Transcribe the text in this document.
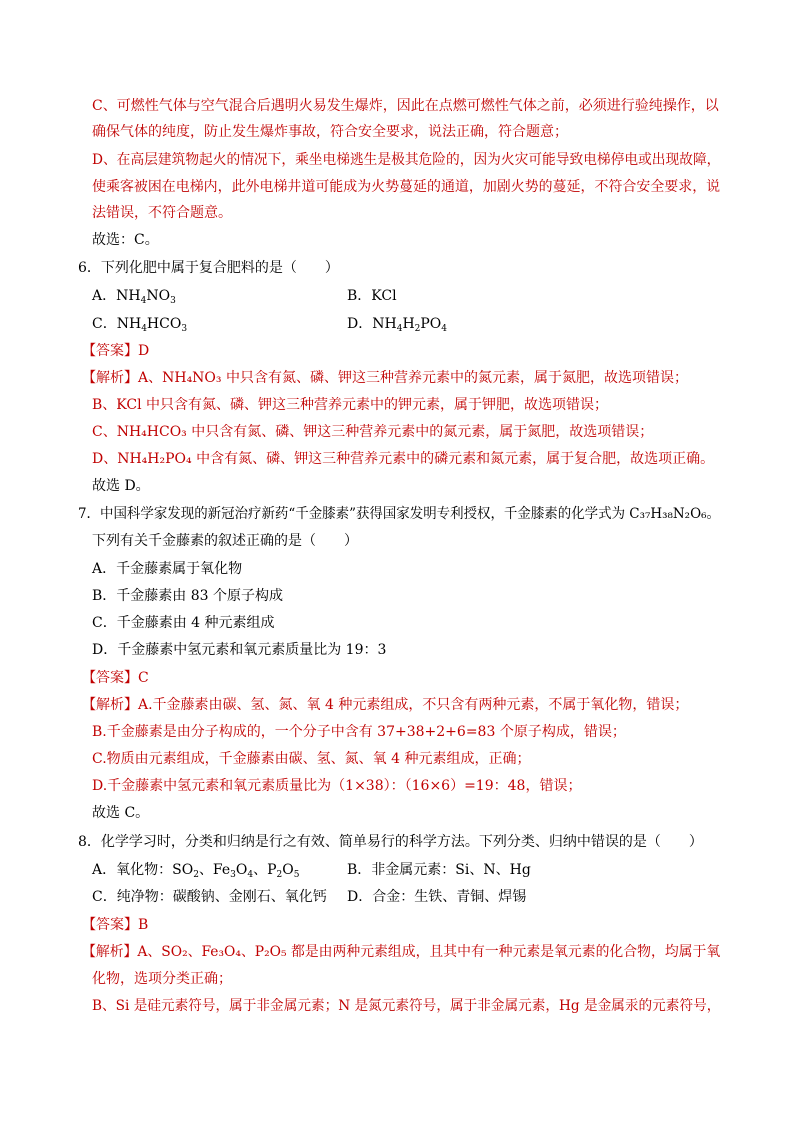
C、可燃性气体与空气混合后遇明火易发生爆炸，因此在点燃可燃性气体之前，必须进行验纯操作，以
确保气体的纯度，防止发生爆炸事故，符合安全要求，说法正确，符合题意；
D、在高层建筑物起火的情况下，乘坐电梯逃生是极其危险的，因为火灾可能导致电梯停电或出现故障，
使乘客被困在电梯内，此外电梯井道可能成为火势蔓延的通道，加剧火势的蔓延，不符合安全要求，说
法错误，不符合题意。
故选：C。
6．下列化肥中属于复合肥料的是（　　）
A．$NH_4NO_3$	B．KCl
C．$NH_4HCO_3$	D．$NH_4H_2PO_4$
【答案】D
【解析】A、NH₄NO₃ 中只含有氮、磷、钾这三种营养元素中的氮元素，属于氮肥，故选项错误；
B、KCl 中只含有氮、磷、钾这三种营养元素中的钾元素，属于钾肥，故选项错误；
C、NH₄HCO₃ 中只含有氮、磷、钾这三种营养元素中的氮元素，属于氮肥，故选项错误；
D、NH₄H₂PO₄ 中含有氮、磷、钾这三种营养元素中的磷元素和氮元素，属于复合肥，故选项正确。
故选 D。
7．中国科学家发现的新冠治疗新药“千金膝素”获得国家发明专利授权，千金膝素的化学式为 C₃₇H₃₈N₂O₆。
下列有关千金藤素的叙述正确的是（　　）
A．千金藤素属于氧化物
B．千金藤素由 83 个原子构成
C．千金藤素由 4 种元素组成
D．千金藤素中氢元素和氧元素质量比为 19：3
【答案】C
【解析】A.千金藤素由碳、氢、氮、氧 4 种元素组成，不只含有两种元素，不属于氧化物，错误；
B.千金藤素是由分子构成的，一个分子中含有 37+38+2+6=83 个原子构成，错误；
C.物质由元素组成，千金藤素由碳、氢、氮、氧 4 种元素组成，正确；
D.千金藤素中氢元素和氧元素质量比为（1×38）：（16×6）=19：48，错误；
故选 C。
8．化学学习时，分类和归纳是行之有效、简单易行的科学方法。下列分类、归纳中错误的是（　　）
A．氧化物：$SO_2$、$Fe_3O_4$、$P_2O_5$	B．非金属元素：Si、N、Hg
C．纯净物：碳酸钠、金刚石、氧化钙 D．合金：生铁、青铜、焊锡
【答案】B
【解析】A、SO₂、Fe₃O₄、P₂O₅ 都是由两种元素组成，且其中有一种元素是氧元素的化合物，均属于氧
化物，选项分类正确；
B、Si 是硅元素符号，属于非金属元素；N 是氮元素符号，属于非金属元素，Hg 是金属汞的元素符号，
